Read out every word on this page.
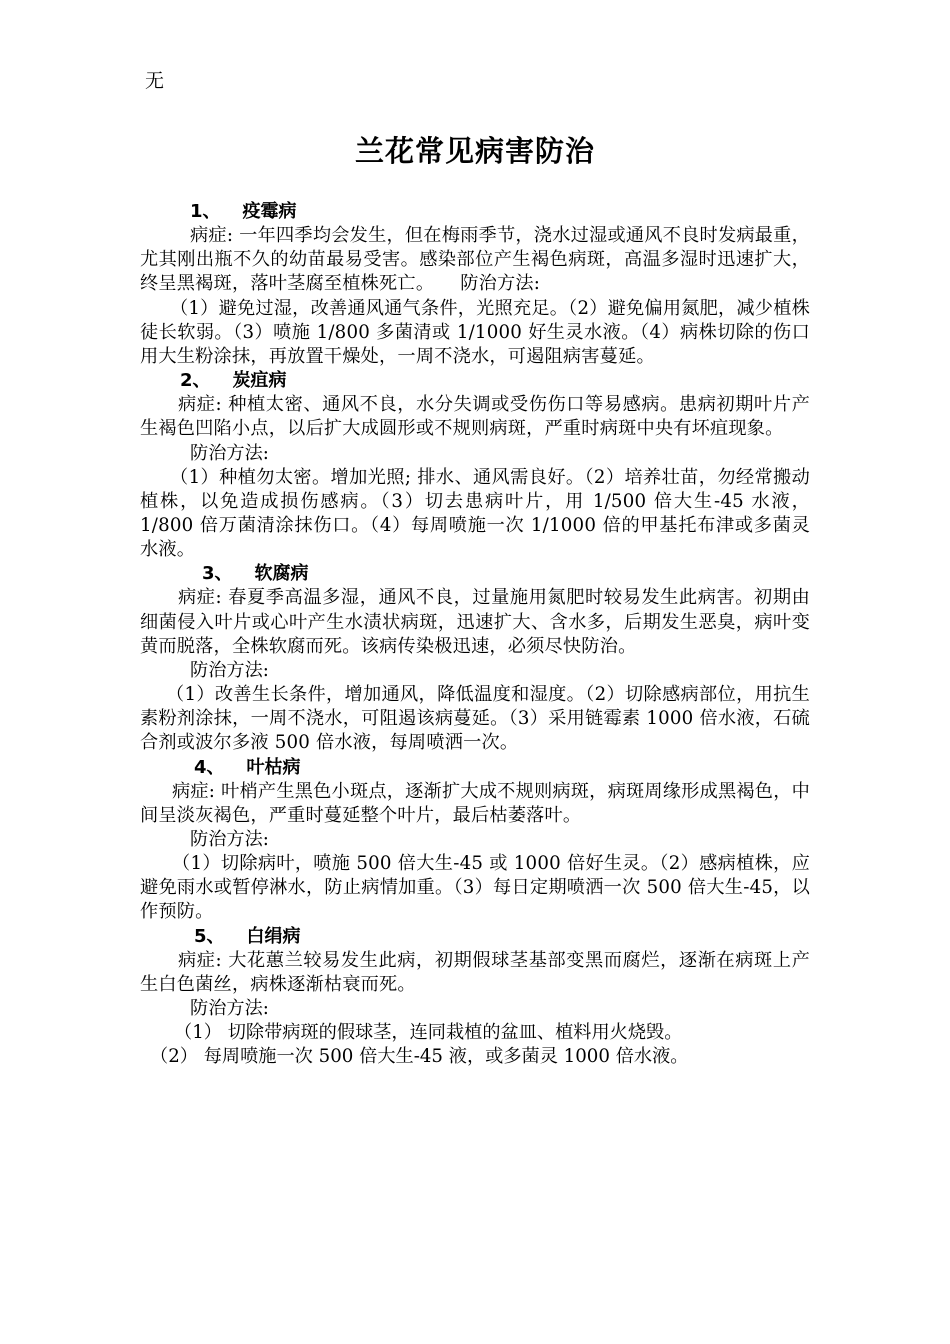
无
兰花常见病害防治
1、 疫霉病
病症: 一年四季均会发生，但在梅雨季节，浇水过湿或通风不良时发病最重，尤其刚出瓶不久的幼苗最易受害。感染部位产生褐色病斑，高温多湿时迅速扩大，终呈黑褐斑，落叶茎腐至植株死亡。 防治方法:
（1）避免过湿，改善通风通气条件，光照充足。（2）避免偏用氮肥，减少植株徒长软弱。（3）喷施 1/800 多菌清或 1/1000 好生灵水液。（4）病株切除的伤口用大生粉涂抹，再放置干燥处，一周不浇水，可遏阻病害蔓延。
2、 炭疽病
病症: 种植太密、通风不良，水分失调或受伤伤口等易感病。患病初期叶片产生褐色凹陷小点，以后扩大成圆形或不规则病斑，严重时病斑中央有坏疽现象。
防治方法:
（1）种植勿太密。增加光照; 排水、通风需良好。（2）培养壮苗，勿经常搬动植株，以免造成损伤感病。（3）切去患病叶片，用 1/500 倍大生-45 水液，1/800 倍万菌清涂抹伤口。（4）每周喷施一次 1/1000 倍的甲基托布津或多菌灵水液。
3、 软腐病
病症: 春夏季高温多湿，通风不良，过量施用氮肥时较易发生此病害。初期由细菌侵入叶片或心叶产生水渍状病斑，迅速扩大、含水多，后期发生恶臭，病叶变黄而脱落，全株软腐而死。该病传染极迅速，必须尽快防治。
防治方法:
（1）改善生长条件，增加通风，降低温度和湿度。（2）切除感病部位，用抗生素粉剂涂抹，一周不浇水，可阻遏该病蔓延。（3）采用链霉素 1000 倍水液，石硫合剂或波尔多液 500 倍水液，每周喷洒一次。
4、 叶枯病
病症: 叶梢产生黑色小斑点，逐渐扩大成不规则病斑，病斑周缘形成黑褐色，中间呈淡灰褐色，严重时蔓延整个叶片，最后枯萎落叶。
防治方法:
（1）切除病叶，喷施 500 倍大生-45 或 1000 倍好生灵。（2）感病植株，应避免雨水或暂停淋水，防止病情加重。（3）每日定期喷洒一次 500 倍大生-45，以作预防。
5、 白绢病
病症: 大花蕙兰较易发生此病，初期假球茎基部变黑而腐烂，逐渐在病斑上产生白色菌丝，病株逐渐枯衰而死。
防治方法:
（1） 切除带病斑的假球茎，连同栽植的盆皿、植料用火烧毁。
（2） 每周喷施一次 500 倍大生-45 液，或多菌灵 1000 倍水液。
